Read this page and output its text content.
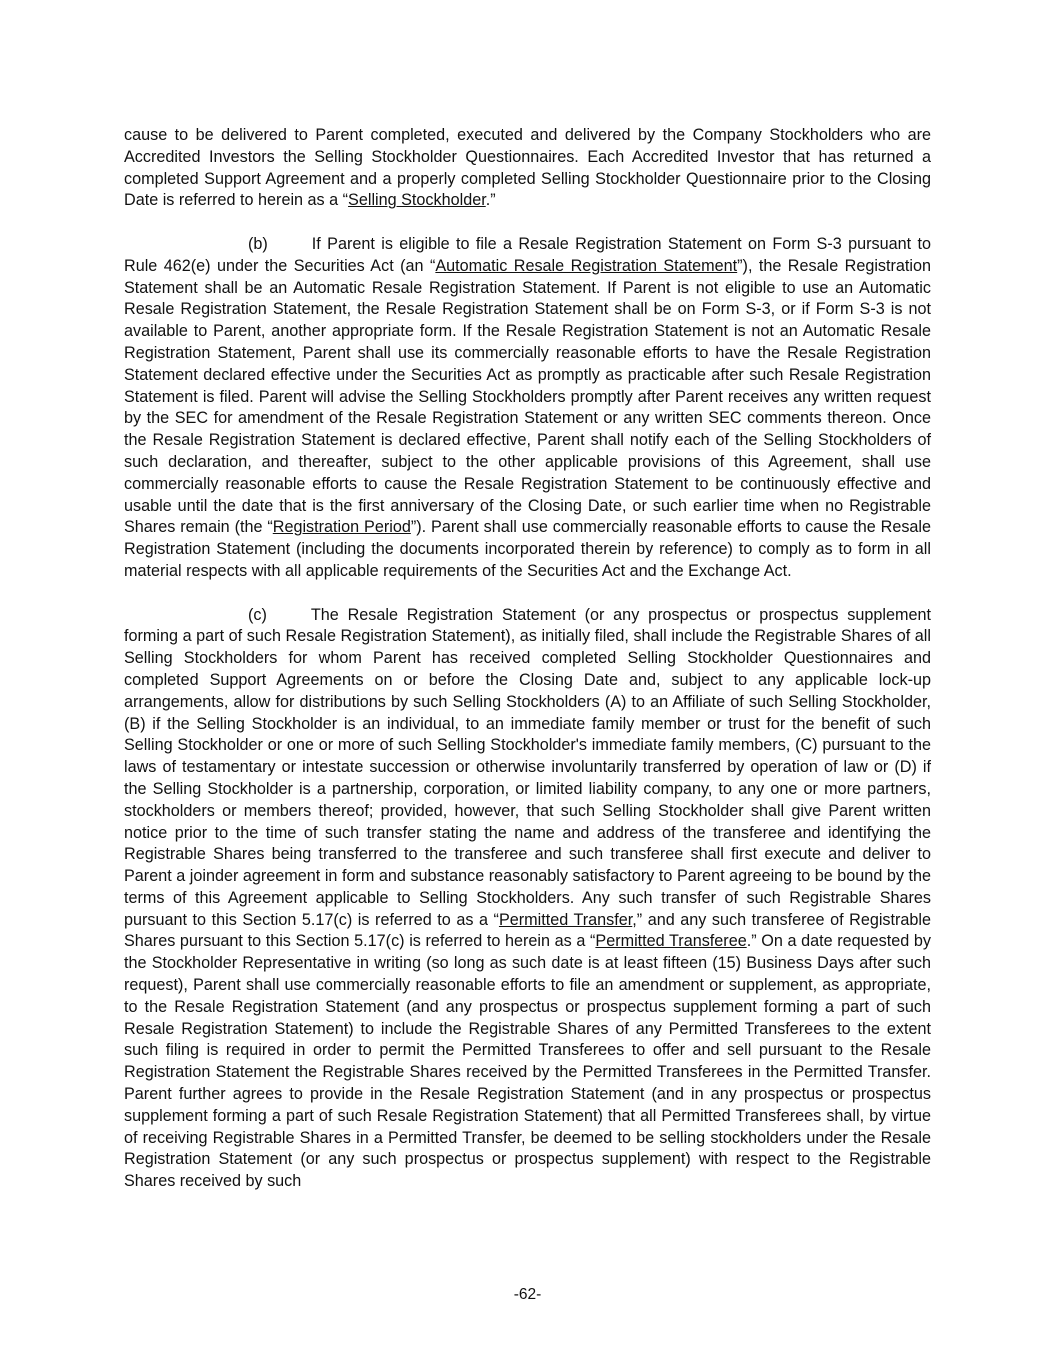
cause to be delivered to Parent completed, executed and delivered by the Company Stockholders who are Accredited Investors the Selling Stockholder Questionnaires. Each Accredited Investor that has returned a completed Support Agreement and a properly completed Selling Stockholder Questionnaire prior to the Closing Date is referred to herein as a “Selling Stockholder.”

(b)	If Parent is eligible to file a Resale Registration Statement on Form S-3 pursuant to Rule 462(e) under the Securities Act (an “Automatic Resale Registration Statement”), the Resale Registration Statement shall be an Automatic Resale Registration Statement. If Parent is not eligible to use an Automatic Resale Registration Statement, the Resale Registration Statement shall be on Form S-3, or if Form S-3 is not available to Parent, another appropriate form. If the Resale Registration Statement is not an Automatic Resale Registration Statement, Parent shall use its commercially reasonable efforts to have the Resale Registration Statement declared effective under the Securities Act as promptly as practicable after such Resale Registration Statement is filed. Parent will advise the Selling Stockholders promptly after Parent receives any written request by the SEC for amendment of the Resale Registration Statement or any written SEC comments thereon. Once the Resale Registration Statement is declared effective, Parent shall notify each of the Selling Stockholders of such declaration, and thereafter, subject to the other applicable provisions of this Agreement, shall use commercially reasonable efforts to cause the Resale Registration Statement to be continuously effective and usable until the date that is the first anniversary of the Closing Date, or such earlier time when no Registrable Shares remain (the “Registration Period”). Parent shall use commercially reasonable efforts to cause the Resale Registration Statement (including the documents incorporated therein by reference) to comply as to form in all material respects with all applicable requirements of the Securities Act and the Exchange Act.

(c)	The Resale Registration Statement (or any prospectus or prospectus supplement forming a part of such Resale Registration Statement), as initially filed, shall include the Registrable Shares of all Selling Stockholders for whom Parent has received completed Selling Stockholder Questionnaires and completed Support Agreements on or before the Closing Date and, subject to any applicable lock-up arrangements, allow for distributions by such Selling Stockholders (A) to an Affiliate of such Selling Stockholder, (B) if the Selling Stockholder is an individual, to an immediate family member or trust for the benefit of such Selling Stockholder or one or more of such Selling Stockholder's immediate family members, (C) pursuant to the laws of testamentary or intestate succession or otherwise involuntarily transferred by operation of law or (D) if the Selling Stockholder is a partnership, corporation, or limited liability company, to any one or more partners, stockholders or members thereof; provided, however, that such Selling Stockholder shall give Parent written notice prior to the time of such transfer stating the name and address of the transferee and identifying the Registrable Shares being transferred to the transferee and such transferee shall first execute and deliver to Parent a joinder agreement in form and substance reasonably satisfactory to Parent agreeing to be bound by the terms of this Agreement applicable to Selling Stockholders. Any such transfer of such Registrable Shares pursuant to this Section 5.17(c) is referred to as a “Permitted Transfer,” and any such transferee of Registrable Shares pursuant to this Section 5.17(c) is referred to herein as a “Permitted Transferee.” On a date requested by the Stockholder Representative in writing (so long as such date is at least fifteen (15) Business Days after such request), Parent shall use commercially reasonable efforts to file an amendment or supplement, as appropriate, to the Resale Registration Statement (and any prospectus or prospectus supplement forming a part of such Resale Registration Statement) to include the Registrable Shares of any Permitted Transferees to the extent such filing is required in order to permit the Permitted Transferees to offer and sell pursuant to the Resale Registration Statement the Registrable Shares received by the Permitted Transferees in the Permitted Transfer. Parent further agrees to provide in the Resale Registration Statement (and in any prospectus or prospectus supplement forming a part of such Resale Registration Statement) that all Permitted Transferees shall, by virtue of receiving Registrable Shares in a Permitted Transfer, be deemed to be selling stockholders under the Resale Registration Statement (or any such prospectus or prospectus supplement) with respect to the Registrable Shares received by such

-62-
